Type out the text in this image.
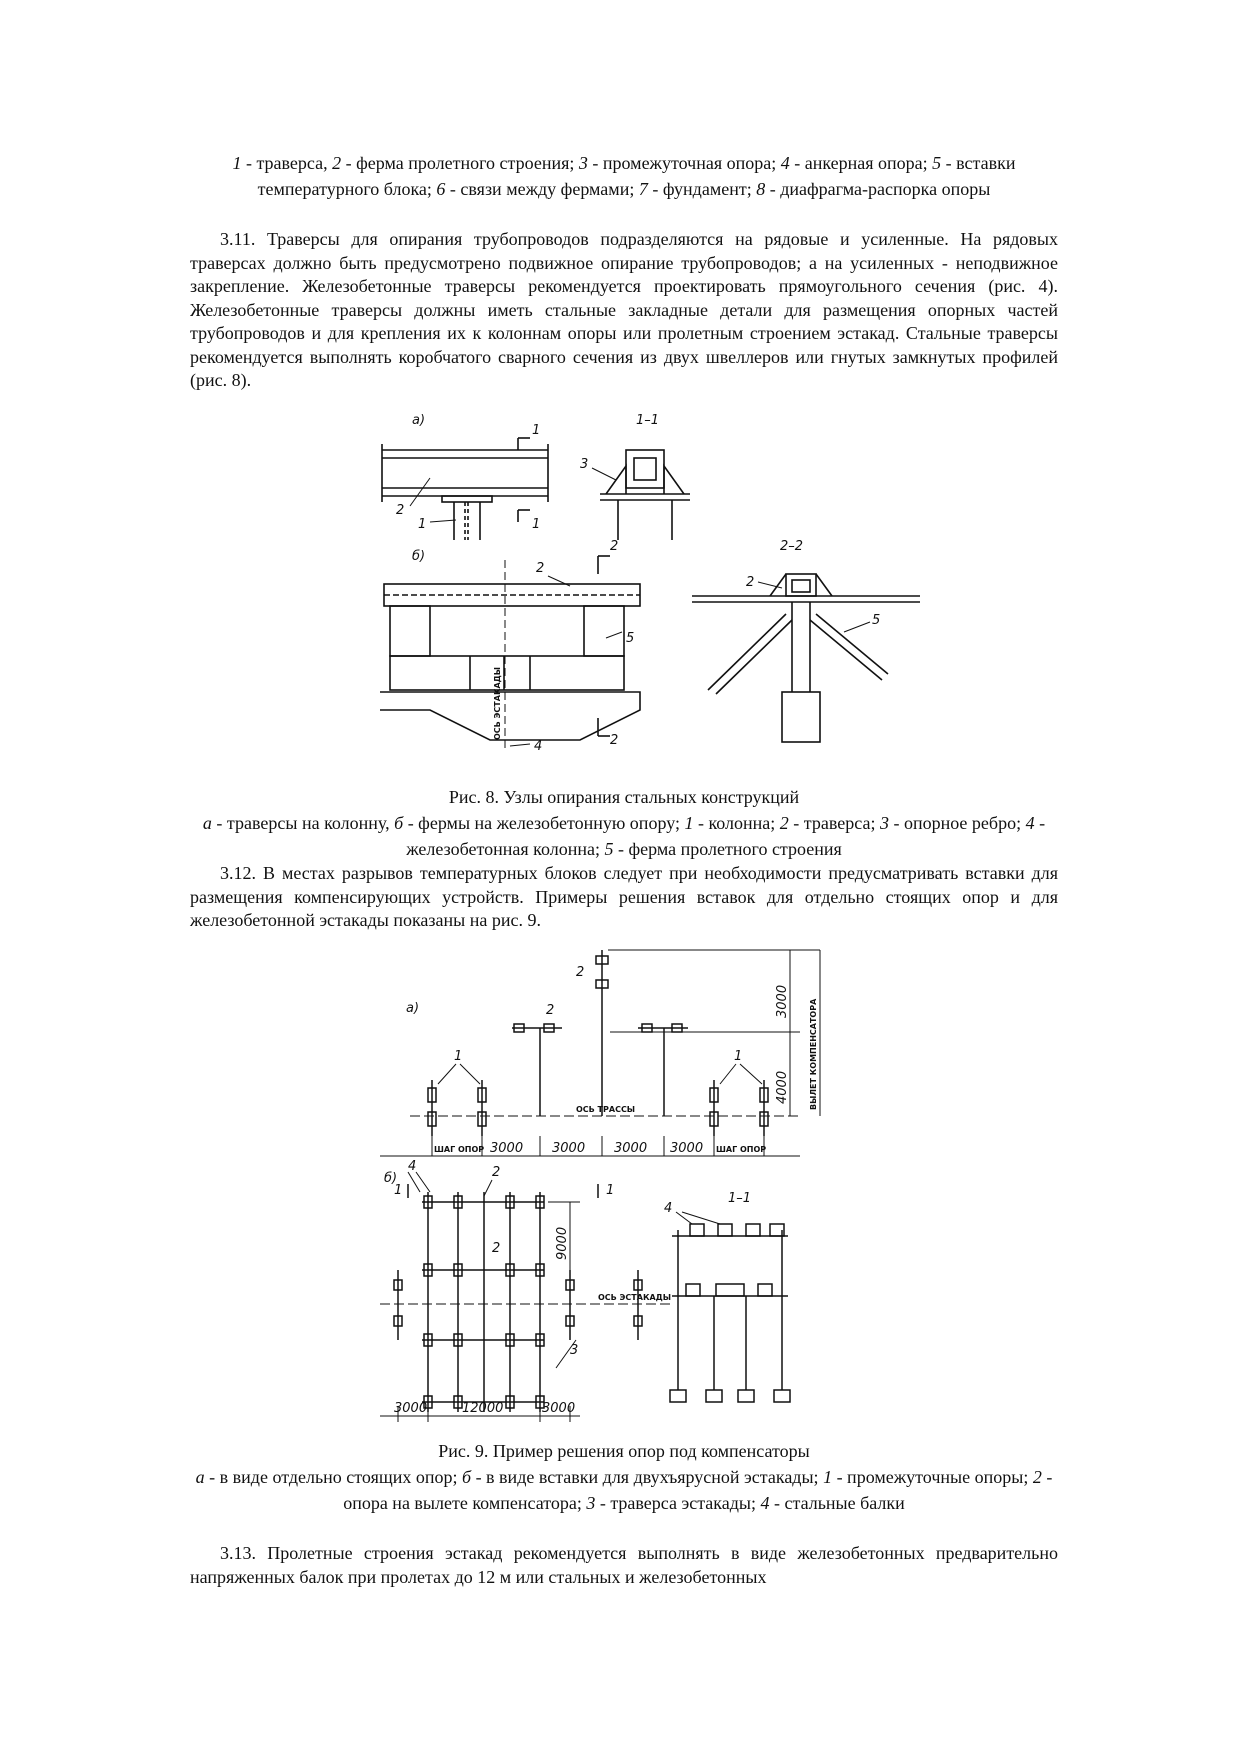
1 - траверса, 2 - ферма пролетного строения; 3 - промежуточная опора; 4 - анкерная опора; 5 - вставки температурного блока; 6 - связи между фермами; 7 - фундамент; 8 - диафрагма-распорка опоры

3.11. Траверсы для опирания трубопроводов подразделяются на рядовые и усиленные. На рядовых траверсах должно быть предусмотрено подвижное опирание трубопроводов; а на усиленных - неподвижное закрепление. Железобетонные траверсы рекомендуется проектировать прямоугольного сечения (рис. 4). Железобетонные траверсы должны иметь стальные закладные детали для размещения опорных частей трубопроводов и для крепления их к колоннам опоры или пролетным строением эстакад. Стальные траверсы рекомендуется выполнять коробчатого сварного сечения из двух швеллеров или гнутых замкнутых профилей (рис. 8).

а)
1
1
2
1
1–1
3
б)
2
2
5
2
4
ОСЬ ЭСТАКАДЫ
2–2
2
5

Рис. 8. Узлы опирания стальных конструкций

а - траверсы на колонну, б - фермы на железобетонную опору; 1 - колонна; 2 - траверса; 3 - опорное ребро; 4 - железобетонная колонна; 5 - ферма пролетного строения

3.12. В местах разрывов температурных блоков следует при необходимости предусматривать вставки для размещения компенсирующих устройств. Примеры решения вставок для отдельно стоящих опор и для железобетонной эстакады показаны на рис. 9.

а)
2
2
1	1
ОСЬ ТРАССЫ
3000
4000 ВЫЛЕТ КОМПЕНСАТОРА
ШАГ ОПОР 3000 3000 3000 3000 ШАГ ОПОР
б)
ОСЬ ЭСТАКАДЫ
9000
1	1
4	2
2
3
3000	12000	3000
1–1
4

Рис. 9. Пример решения опор под компенсаторы

а - в виде отдельно стоящих опор; б - в виде вставки для двухъярусной эстакады; 1 - промежуточные опоры; 2 - опора на вылете компенсатора; 3 - траверса эстакады; 4 - стальные балки

3.13. Пролетные строения эстакад рекомендуется выполнять в виде железобетонных предварительно напряженных балок при пролетах до 12 м или стальных и железобетонных
